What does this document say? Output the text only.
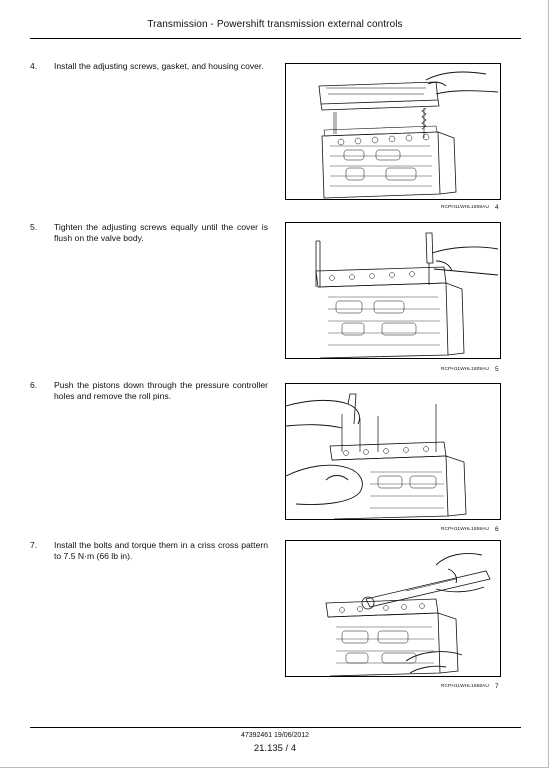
Transmission - Powershift transmission external controls
4. Install the adjusting screws, gasket, and housing cover.
RCPH11WHL1808AU 4
5. Tighten the adjusting screws equally until the cover is flush on the valve body.
RCPH11WHL1809AU 5
6. Push the pistons down through the pressure controller holes and remove the roll pins.
RCPH11WHL1859AU 6
7. Install the bolts and torque them in a criss cross pattern to 7.5 N·m (66 lb in).
RCPH11WHL1858AU 7
47392461 19/06/2012
21.135 / 4
